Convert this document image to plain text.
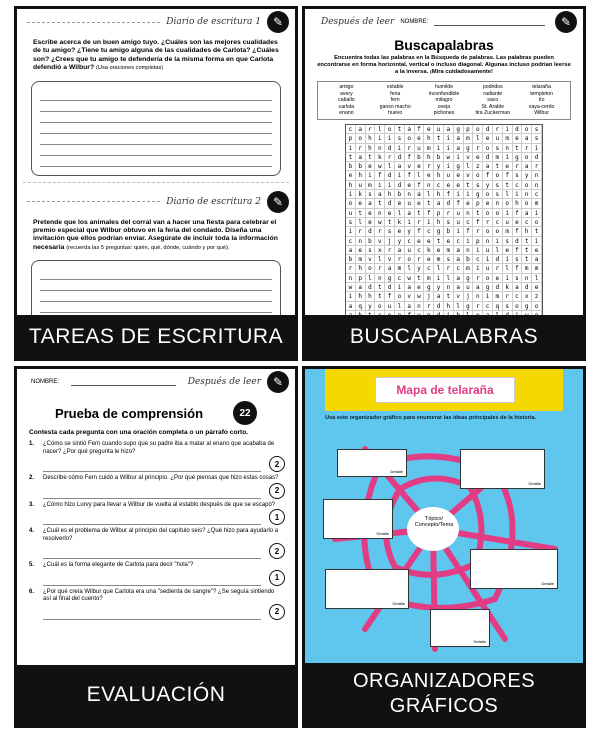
Diario de escritura 1 ✎
Escribe acerca de un buen amigo tuyo. ¿Cuáles son las mejores cualidades de tu amigo? ¿Tiene tu amigo alguna de las cualidades de Carlota? ¿Cuáles son? ¿Crees que tu amigo te defendería de la misma forma en que Carlota defendió a Wilbur? (Usa oraciones completas)
Diario de escritura 2 ✎
Pretende que los animales del corral van a hacer una fiesta para celebrar el premio especial que Wilbur obtuvo en la feria del condado. Diseña una invitación que ellos podrían enviar. Asegúrate de incluir toda la información necesaria (recuerda las 5 preguntas: quién, qué, dónde, cuándo y por qué).
TAREAS DE ESCRITURA
Después de leer NOMBRE:	✎
Buscapalabras
Encuentra todas las palabras en la Búsqueda de palabras. Las palabras pueden encontrarse en forma horizontal, vertical o incluso diagonal. Algunas incluso podrían leerse a la inversa. ¡Mira cuidadosamente!
amigo	estable	humilde	podridos	telaraña
avery	feria	inconfundible	radiante	templeton
caballo	fern	milagro	saco	tío
carlota	ganso macho	oveja	St. Arable	vaya-cerdo
enano	huevo	pichones	tira Zuckerman	Wilbur
c	a	r	l	o	t	a	f	e	u	a	g	p	o	d	r	i	d	o	s
p	o	h	i	i	s	o	e	h	t	i	a	m	l	e	u	m	e	a	s
i	r	h	n	d	i	r	u	m	i	i	a	g	r	o	s	n	t	r	i
t	a	t	k	r	d	f	b	h	b	w	i	v	e	d	m	i	g	o	d
b	b	e	w	l	a	v	e	r	y	i	g	l	z	a	t	e	r	a	r
e	h	i	f	d	i	f	l	e	h	u	e	v	o	f	o	f	s	y	n
h	u	m	i	i	d	e	f	n	c	e	e	t	s	y	s	t	c	o	n
i	k	s	a	h	b	n	a	l	h	f	i	i	g	o	s	l	i	n	c
o	e	a	t	d	e	u	e	t	a	d	f	e	p	e	n	o	h	o	m
u	t	e	n	e	l	a	t	f	p	r	u	n	t	o	o	i	f	a	i
s	l	e	w	t	k	i	r	i	h	s	u	c	f	r	c	u	e	c	o
i	r	d	r	s	e	y	f	c	g	b	i	f	r	o	o	m	f	h	t
c	n	b	v	j	y	c	e	e	t	e	c	i	p	n	i	s	d	t	i
a	e	s	x	r	a	u	c	k	e	m	a	n	i	u	l	e	f	t	e
b	m	v	l	v	r	o	r	e	m	s	a	b	c	i	d	i	s	t	a
r	h	o	r	a	m	l	y	c	l	r	c	m	i	u	r	l	f	m	m
n	p	l	n	g	c	w	t	m	i	l	a	g	r	o	e	i	s	n	l
w	a	d	t	d	i	a	e	g	y	n	a	u	a	g	d	k	a	d	e
i	h	h	t	f	o	v	w	j	a	t	v	j	n	i	m	r	c	x	z
a	q	y	o	u	l	a	n	r	d	h	l	g	r	c	q	s	o	g	o
BUSCAPALABRAS
NOMBRE:	Después de leer ✎
Prueba de comprensión	22
Contesta cada pregunta con una oración completa o un párrafo corto.
1.	¿Cómo se sintió Fern cuando supo que su padre iba a matar al enano que acababa de nacer? ¿Por qué pregunta le hizo?
2
2.	Describe cómo Fern cuidó a Wilbur al principio. ¿Por qué piensas que hizo estas cosas?
2
3.	¿Cómo hizo Lurvy para llevar a Wilbur de vuelta al establo después de que se escapó?
1
4.	¿Cuál es el problema de Wilbur al principio del capítulo seis? ¿Qué hizo para ayudarlo a resolverlo?
2
5.	¿Cuál es la forma elegante de Carlota para decir "hola"?
1
6.	¿Por qué creía Wilbur que Carlota era una "sedienta de sangre"? ¿Se seguía sintiendo así al final del cuento?
2
EVALUACIÓN
Mapa de telaraña
Usa este organizador gráfico para enumerar las ideas principales de la historia.
Tópico/ Concepto/Tema
Detalle
Detalle
Detalle
Detalle
Detalle
Detalle
ORGANIZADORES
GRÁFICOS
